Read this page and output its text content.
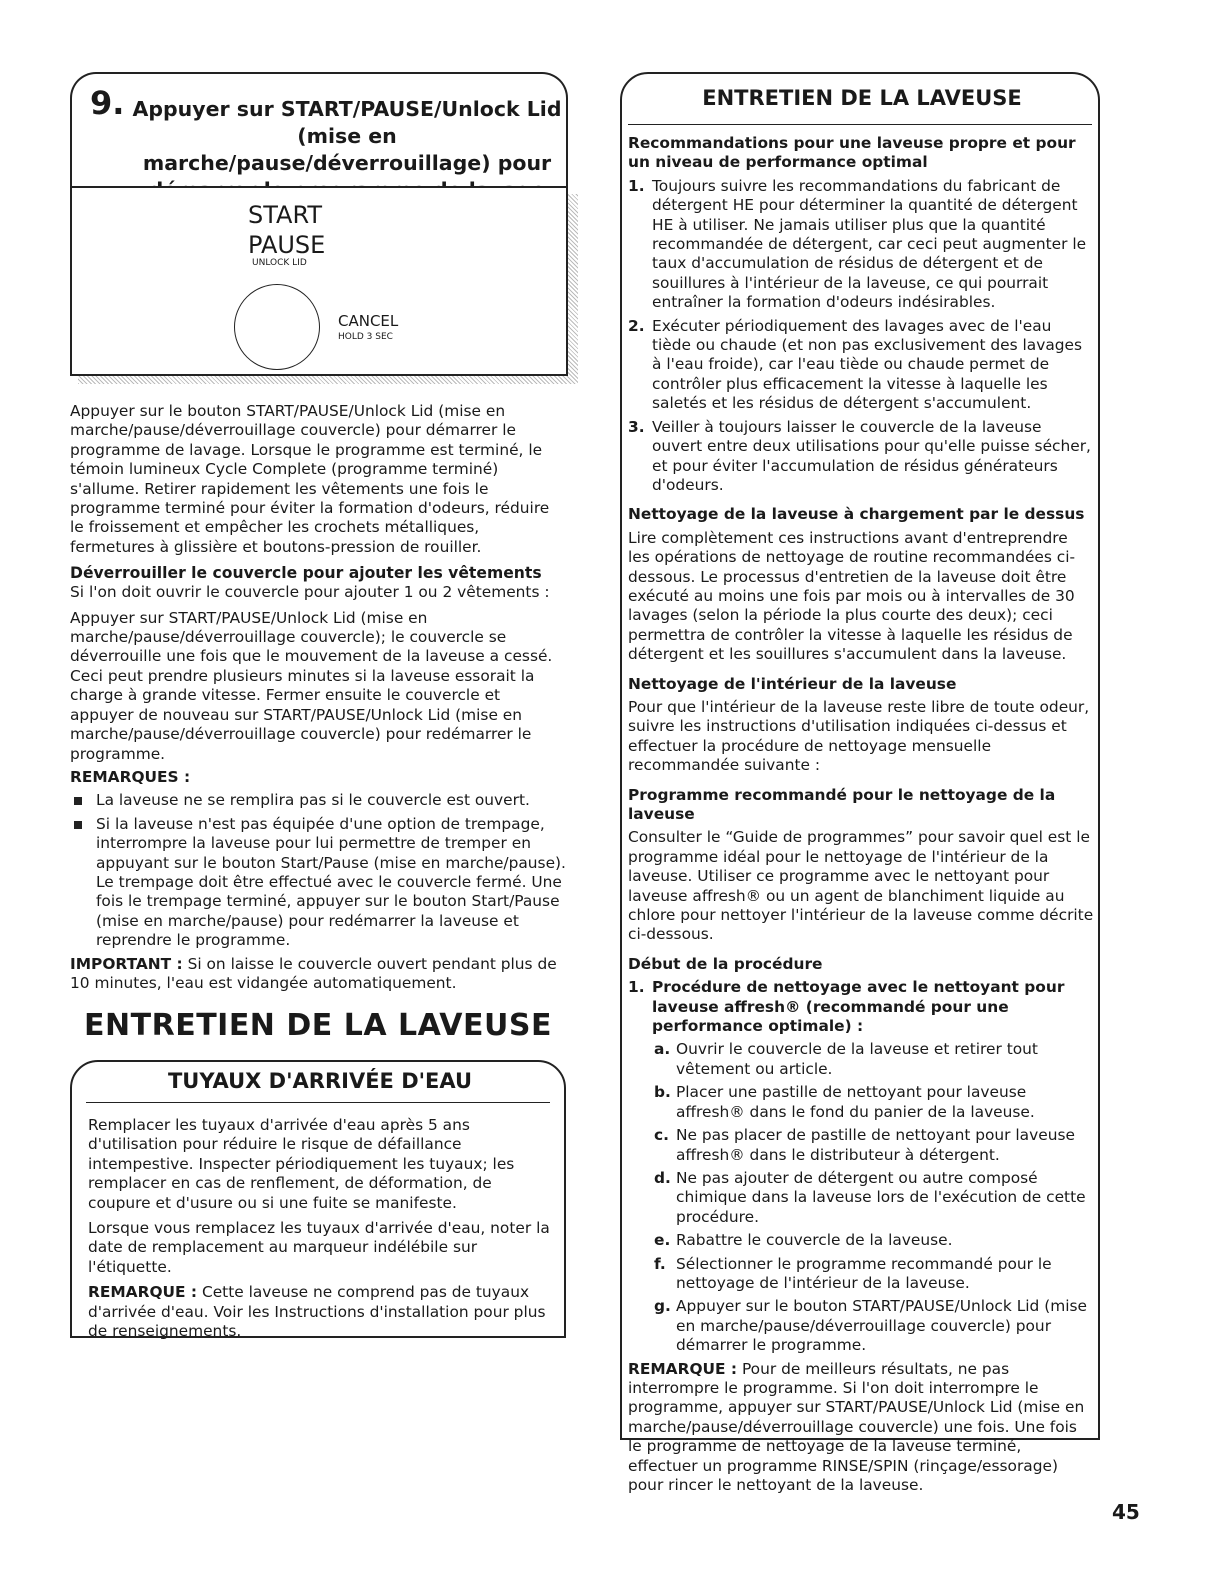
9. Appuyer sur START/PAUSE/Unlock Lid (mise en marche/pause/déverrouillage) pour
START
PAUSE
UNLOCK LID
CANCEL
HOLD 3 SEC

Appuyer sur le bouton START/PAUSE/Unlock Lid (mise en marche/pause/déverrouillage couvercle) pour démarrer le programme de lavage. Lorsque le programme est terminé, le témoin lumineux Cycle Complete (programme terminé) s'allume. Retirer rapidement les vêtements une fois le programme terminé pour éviter la formation d'odeurs, réduire le froissement et empêcher les crochets métalliques, fermetures à glissière et boutons-pression de rouiller.

Déverrouiller le couvercle pour ajouter les vêtements

Si l'on doit ouvrir le couvercle pour ajouter 1 ou 2 vêtements :

Appuyer sur START/PAUSE/Unlock Lid (mise en marche/pause/déverrouillage couvercle); le couvercle se déverrouille une fois que le mouvement de la laveuse a cessé. Ceci peut prendre plusieurs minutes si la laveuse essorait la charge à grande vitesse. Fermer ensuite le couvercle et appuyer de nouveau sur START/PAUSE/Unlock Lid (mise en marche/pause/déverrouillage couvercle) pour redémarrer le programme.

REMARQUES :

La laveuse ne se remplira pas si le couvercle est ouvert.
Si la laveuse n'est pas équipée d'une option de trempage, interrompre la laveuse pour lui permettre de tremper en appuyant sur le bouton Start/Pause (mise en marche/pause). Le trempage doit être effectué avec le couvercle fermé. Une fois le trempage terminé, appuyer sur le bouton Start/Pause (mise en marche/pause) pour redémarrer la laveuse et reprendre le programme.

IMPORTANT : Si on laisse le couvercle ouvert pendant plus de 10 minutes, l'eau est vidangée automatiquement.

ENTRETIEN DE LA LAVEUSE
TUYAUX D'ARRIVÉE D'EAU

Remplacer les tuyaux d'arrivée d'eau après 5 ans d'utilisation pour réduire le risque de défaillance intempestive. Inspecter périodiquement les tuyaux; les remplacer en cas de renflement, de déformation, de coupure et d'usure ou si une fuite se manifeste.

Lorsque vous remplacez les tuyaux d'arrivée d'eau, noter la date de remplacement au marqueur indélébile sur l'étiquette.

REMARQUE : Cette laveuse ne comprend pas de tuyaux d'arrivée d'eau. Voir les Instructions d'installation pour plus de renseignements.

ENTRETIEN DE LA LAVEUSE

Recommandations pour une laveuse propre et pour un niveau de performance optimal

1. Toujours suivre les recommandations du fabricant de détergent HE pour déterminer la quantité de détergent HE à utiliser. Ne jamais utiliser plus que la quantité recommandée de détergent, car ceci peut augmenter le taux d'accumulation de résidus de détergent et de souillures à l'intérieur de la laveuse, ce qui pourrait entraîner la formation d'odeurs indésirables.
2. Exécuter périodiquement des lavages avec de l'eau tiède ou chaude (et non pas exclusivement des lavages à l'eau froide), car l'eau tiède ou chaude permet de contrôler plus efficacement la vitesse à laquelle les saletés et les résidus de détergent s'accumulent.
3. Veiller à toujours laisser le couvercle de la laveuse ouvert entre deux utilisations pour qu'elle puisse sécher, et pour éviter l'accumulation de résidus générateurs d'odeurs.

Nettoyage de la laveuse à chargement par le dessus

Lire complètement ces instructions avant d'entreprendre les opérations de nettoyage de routine recommandées ci-dessous. Le processus d'entretien de la laveuse doit être exécuté au moins une fois par mois ou à intervalles de 30 lavages (selon la période la plus courte des deux); ceci permettra de contrôler la vitesse à laquelle les résidus de détergent et les souillures s'accumulent dans la laveuse.

Nettoyage de l'intérieur de la laveuse

Pour que l'intérieur de la laveuse reste libre de toute odeur, suivre les instructions d'utilisation indiquées ci-dessus et effectuer la procédure de nettoyage mensuelle recommandée suivante :

Programme recommandé pour le nettoyage de la laveuse

Consulter le “Guide de programmes” pour savoir quel est le programme idéal pour le nettoyage de l'intérieur de la laveuse. Utiliser ce programme avec le nettoyant pour laveuse affresh® ou un agent de blanchiment liquide au chlore pour nettoyer l'intérieur de la laveuse comme décrite ci-dessous.

Début de la procédure

1. Procédure de nettoyage avec le nettoyant pour laveuse affresh® (recommandé pour une performance optimale) :
a. Ouvrir le couvercle de la laveuse et retirer tout vêtement ou article.
b. Placer une pastille de nettoyant pour laveuse affresh® dans le fond du panier de la laveuse.
c. Ne pas placer de pastille de nettoyant pour laveuse affresh® dans le distributeur à détergent.
d. Ne pas ajouter de détergent ou autre composé chimique dans la laveuse lors de l'exécution de cette procédure.
e. Rabattre le couvercle de la laveuse.
f. Sélectionner le programme recommandé pour le nettoyage de l'intérieur de la laveuse.
g. Appuyer sur le bouton START/PAUSE/Unlock Lid (mise en marche/pause/déverrouillage couvercle) pour démarrer le programme.

REMARQUE : Pour de meilleurs résultats, ne pas interrompre le programme. Si l'on doit interrompre le programme, appuyer sur START/PAUSE/Unlock Lid (mise en marche/pause/déverrouillage couvercle) une fois. Une fois le programme de nettoyage de la laveuse terminé, effectuer un programme RINSE/SPIN (rinçage/essorage) pour rincer le nettoyant de la laveuse.

45
